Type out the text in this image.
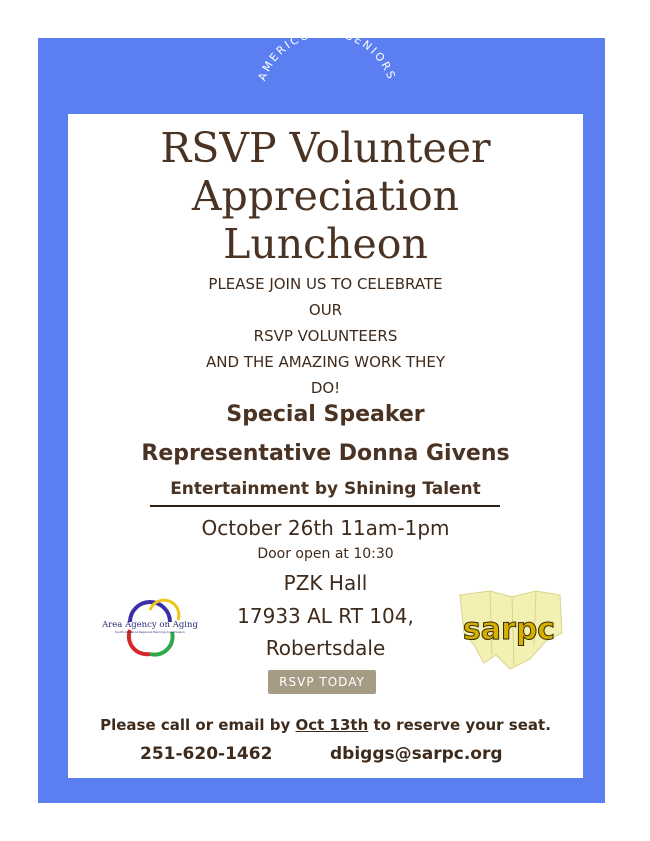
AMERICORPS SENIORS
RSVP Volunteer
Appreciation
Luncheon
PLEASE JOIN US TO CELEBRATE
OUR
RSVP VOLUNTEERS
AND THE AMAZING WORK THEY
DO!
Special Speaker
Representative Donna Givens
Entertainment by Shining Talent
October 26th 11am-1pm
Door open at 10:30
PZK Hall
17933 AL RT 104,
Robertsdale
RSVP TODAY
Area Agency on Aging
South Alabama Regional Planning Commission	sarpc
Please call or email by Oct 13th to reserve your seat.
251-620-1462	dbiggs@sarpc.org
